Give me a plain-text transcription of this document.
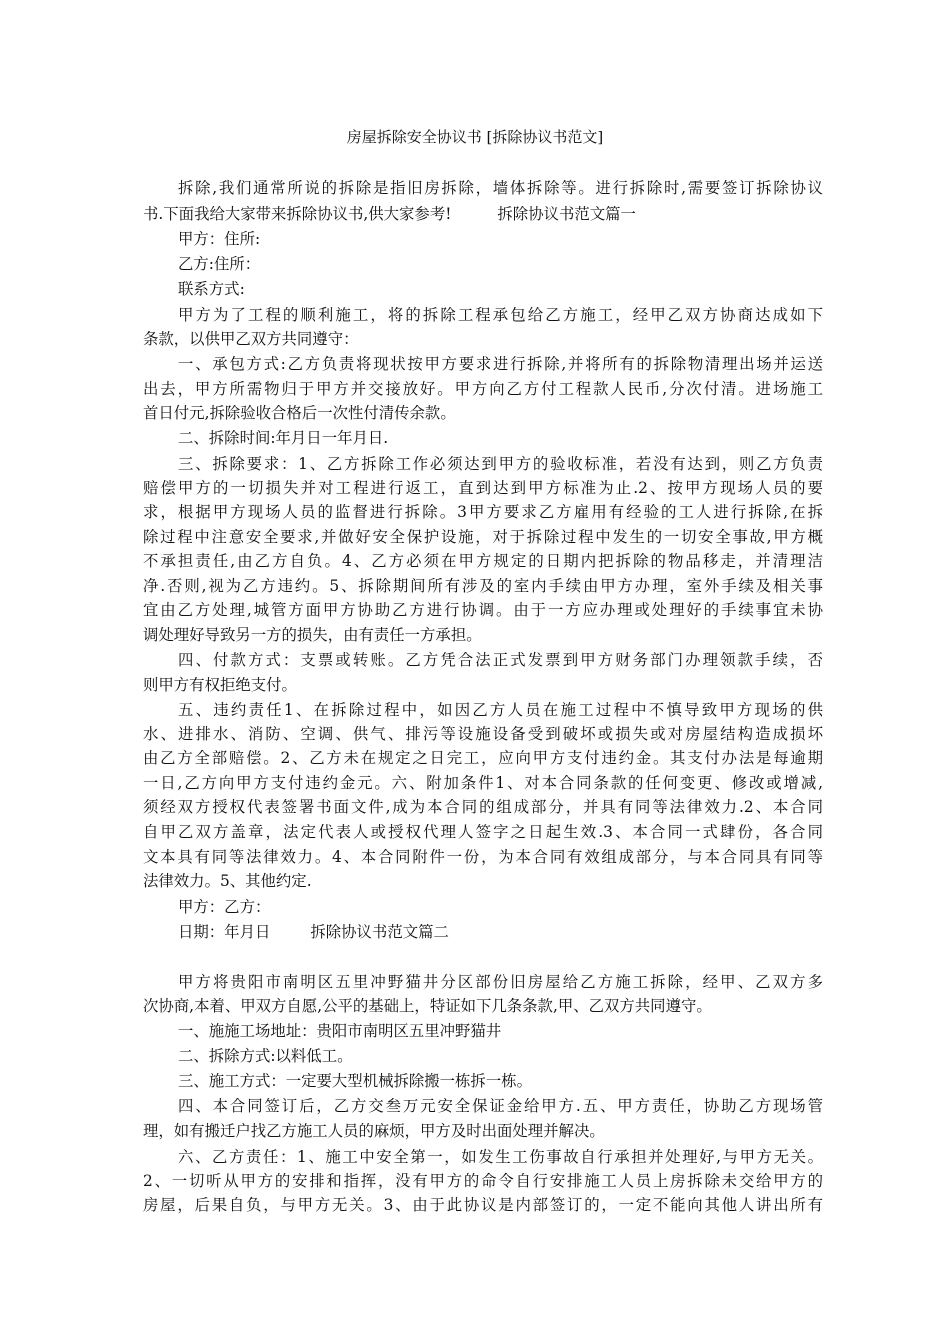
房屋拆除安全协议书 [拆除协议书范文]
拆除,我们通常所说的拆除是指旧房拆除，墙体拆除等。进行拆除时,需要签订拆除协议
书.下面我给大家带来拆除协议书,供大家参考!	拆除协议书范文篇一
甲方：住所:
乙方:住所：
联系方式:
甲方为了工程的顺利施工，将的拆除工程承包给乙方施工，经甲乙双方协商达成如下
条款，以供甲乙双方共同遵守：
一、承包方式:乙方负责将现状按甲方要求进行拆除,并将所有的拆除物清理出场并运送
出去，甲方所需物归于甲方并交接放好。甲方向乙方付工程款人民币,分次付清。进场施工
首日付元,拆除验收合格后一次性付清传余款。
二、拆除时间:年月日一年月日.
三、拆除要求：1、乙方拆除工作必须达到甲方的验收标准，若没有达到，则乙方负责
赔偿甲方的一切损失并对工程进行返工，直到达到甲方标准为止.2、按甲方现场人员的要
求，根据甲方现场人员的监督进行拆除。3甲方要求乙方雇用有经验的工人进行拆除,在拆
除过程中注意安全要求,并做好安全保护设施，对于拆除过程中发生的一切安全事故,甲方概
不承担责任,由乙方自负。4、乙方必须在甲方规定的日期内把拆除的物品移走，并清理洁
净.否则,视为乙方违约。5、拆除期间所有涉及的室内手续由甲方办理，室外手续及相关事
宜由乙方处理,城管方面甲方协助乙方进行协调。由于一方应办理或处理好的手续事宜未协
调处理好导致另一方的损失，由有责任一方承担。
四、付款方式：支票或转账。乙方凭合法正式发票到甲方财务部门办理领款手续，否
则甲方有权拒绝支付。
五、违约责任1、在拆除过程中，如因乙方人员在施工过程中不慎导致甲方现场的供
水、进排水、消防、空调、供气、排污等设施设备受到破坏或损失或对房屋结构造成损坏
由乙方全部赔偿。2、乙方未在规定之日完工，应向甲方支付违约金。其支付办法是每逾期
一日,乙方向甲方支付违约金元。六、附加条件1、对本合同条款的任何变更、修改或增减,
须经双方授权代表签署书面文件,成为本合同的组成部分，并具有同等法律效力.2、本合同
自甲乙双方盖章，法定代表人或授权代理人签字之日起生效.3、本合同一式肆份，各合同
文本具有同等法律效力。4、本合同附件一份，为本合同有效组成部分，与本合同具有同等
法律效力。5、其他约定.
甲方：乙方：
日期：年月日	拆除协议书范文篇二
甲方将贵阳市南明区五里冲野猫井分区部份旧房屋给乙方施工拆除，经甲、乙双方多
次协商,本着、甲双方自愿,公平的基础上，特证如下几条条款,甲、乙双方共同遵守。
一、施施工场地址：贵阳市南明区五里冲野猫井
二、拆除方式:以料低工。
三、施工方式：一定要大型机械拆除搬一栋拆一栋。
四、本合同签订后，乙方交叁万元安全保证金给甲方.五、甲方责任，协助乙方现场管
理，如有搬迁户找乙方施工人员的麻烦，甲方及时出面处理并解决。
六、乙方责任：1、施工中安全第一，如发生工伤事故自行承担并处理好,与甲方无关。
2、一切听从甲方的安排和指挥，没有甲方的命令自行安排施工人员上房拆除未交给甲方的
房屋，后果自负，与甲方无关。3、由于此协议是内部签订的，一定不能向其他人讲出所有
